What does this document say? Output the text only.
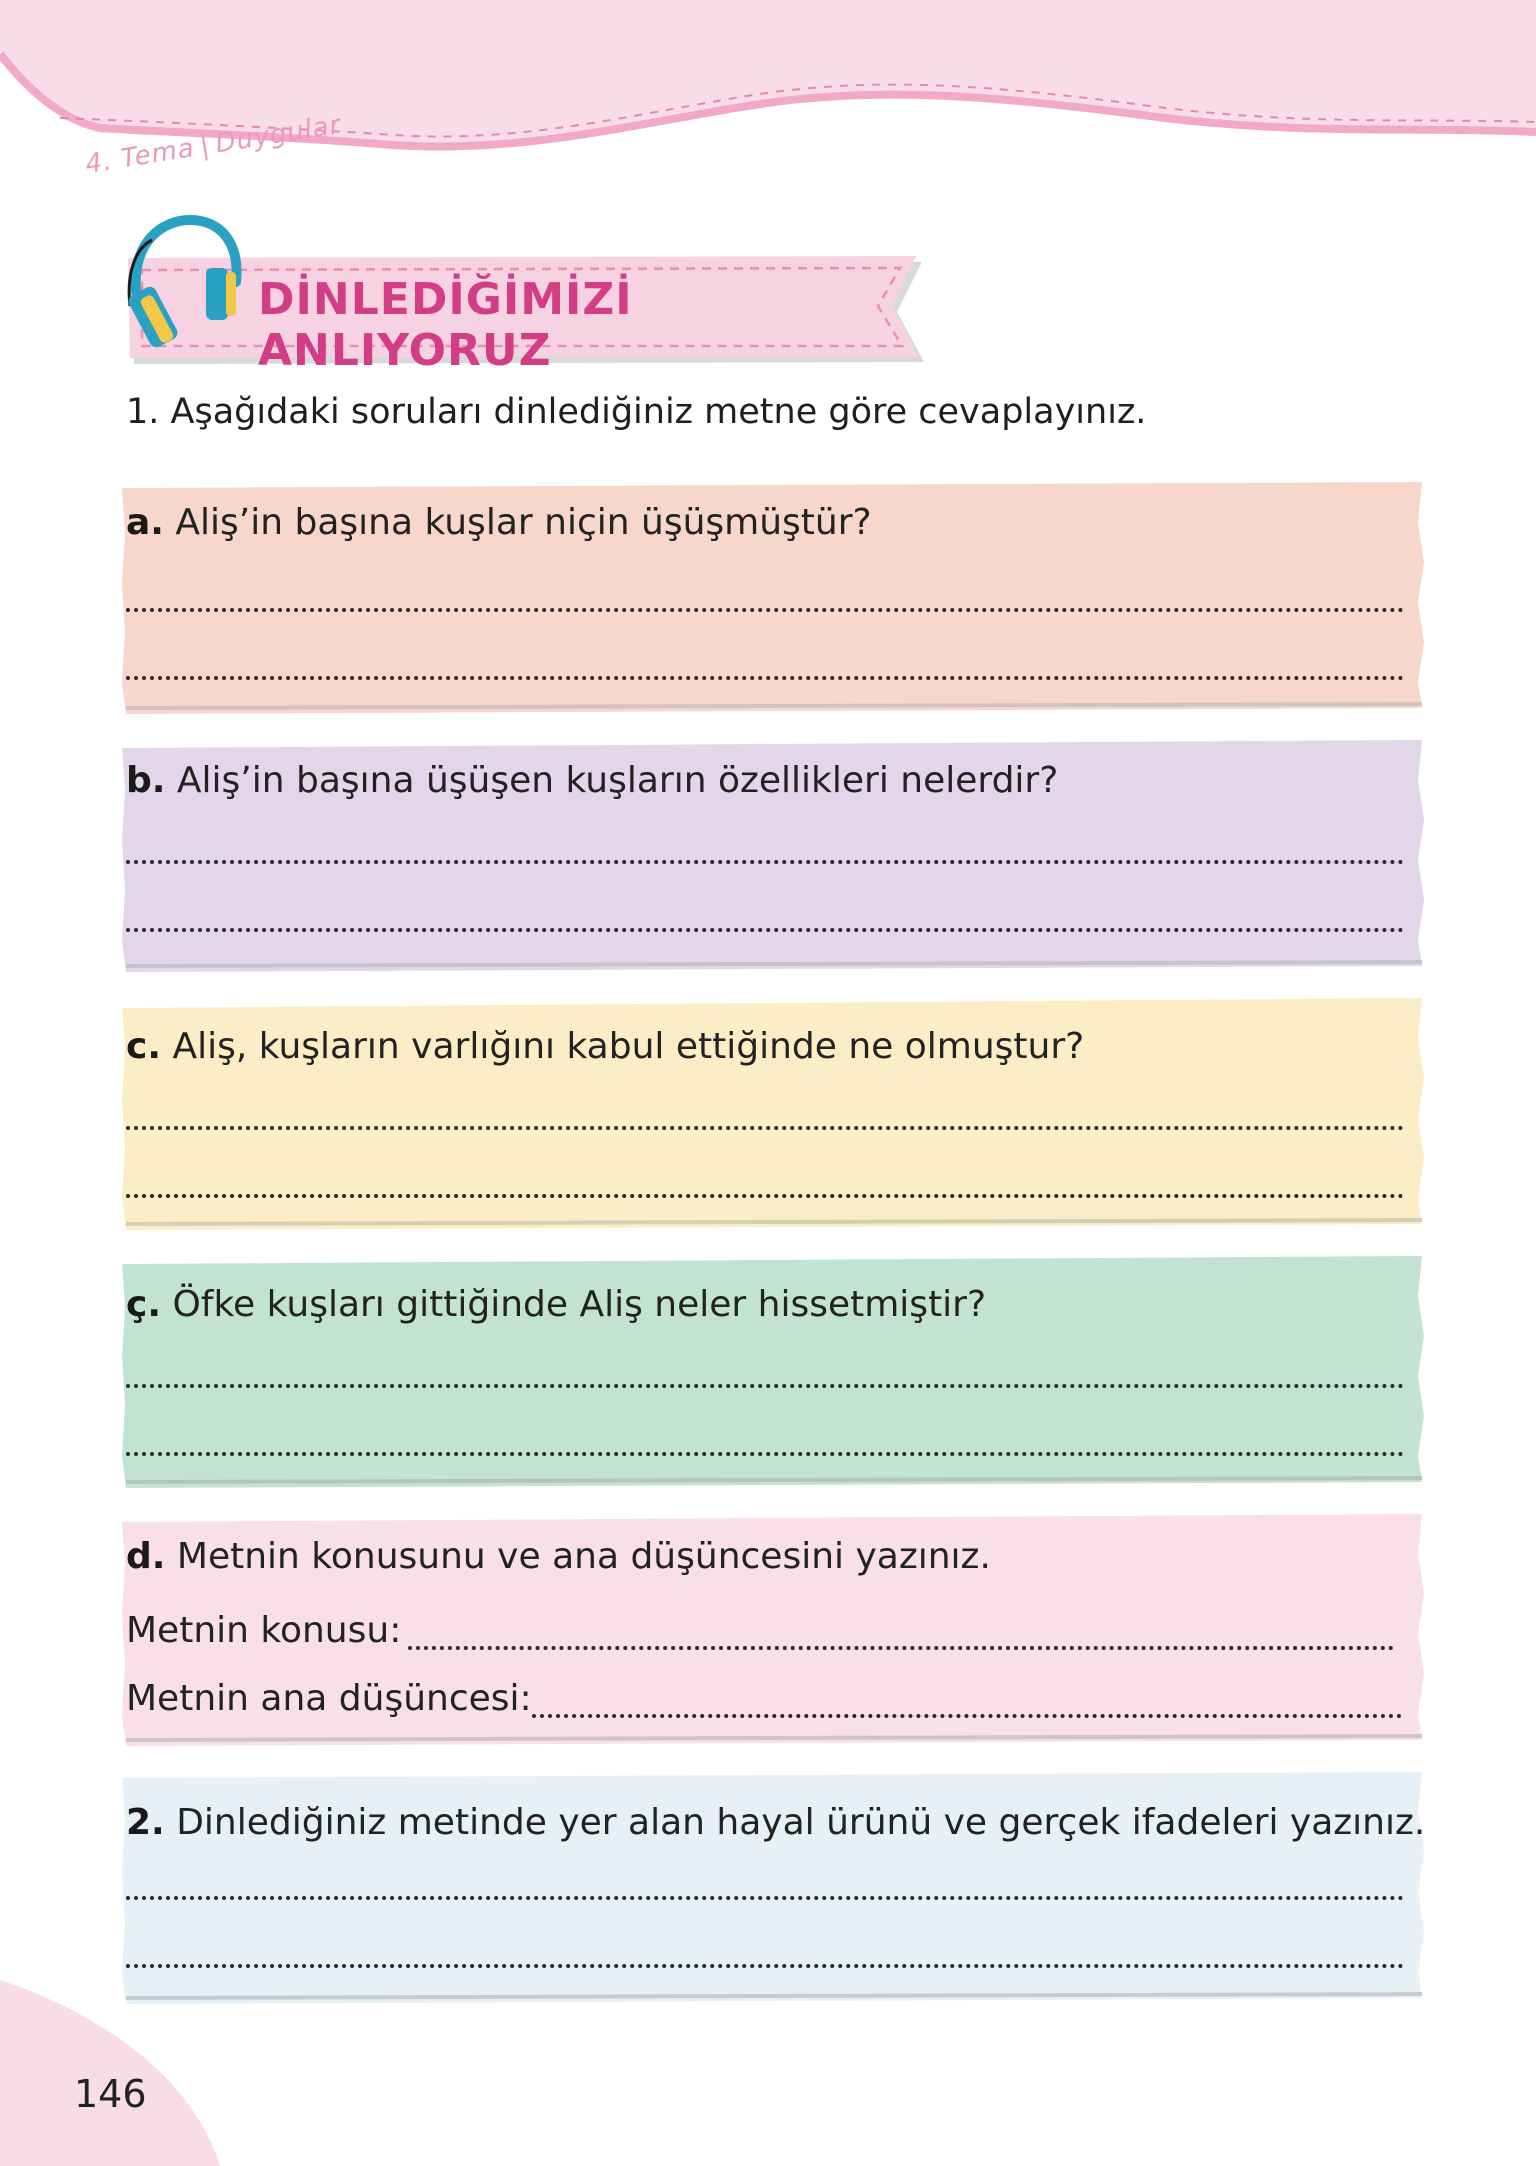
4. Tema|Duygular
DİNLEDİĞİMİZİ ANLIYORUZ
1. Aşağıdaki soruları dinlediğiniz metne göre cevaplayınız.
a. Aliş’in başına kuşlar niçin üşüşmüştür?
b. Aliş’in başına üşüşen kuşların özellikleri nelerdir?
c. Aliş, kuşların varlığını kabul ettiğinde ne olmuştur?
ç. Öfke kuşları gittiğinde Aliş neler hissetmiştir?
d. Metnin konusunu ve ana düşüncesini yazınız.
Metnin konusu:
Metnin ana düşüncesi:
2. Dinlediğiniz metinde yer alan hayal ürünü ve gerçek ifadeleri yazınız.
146
